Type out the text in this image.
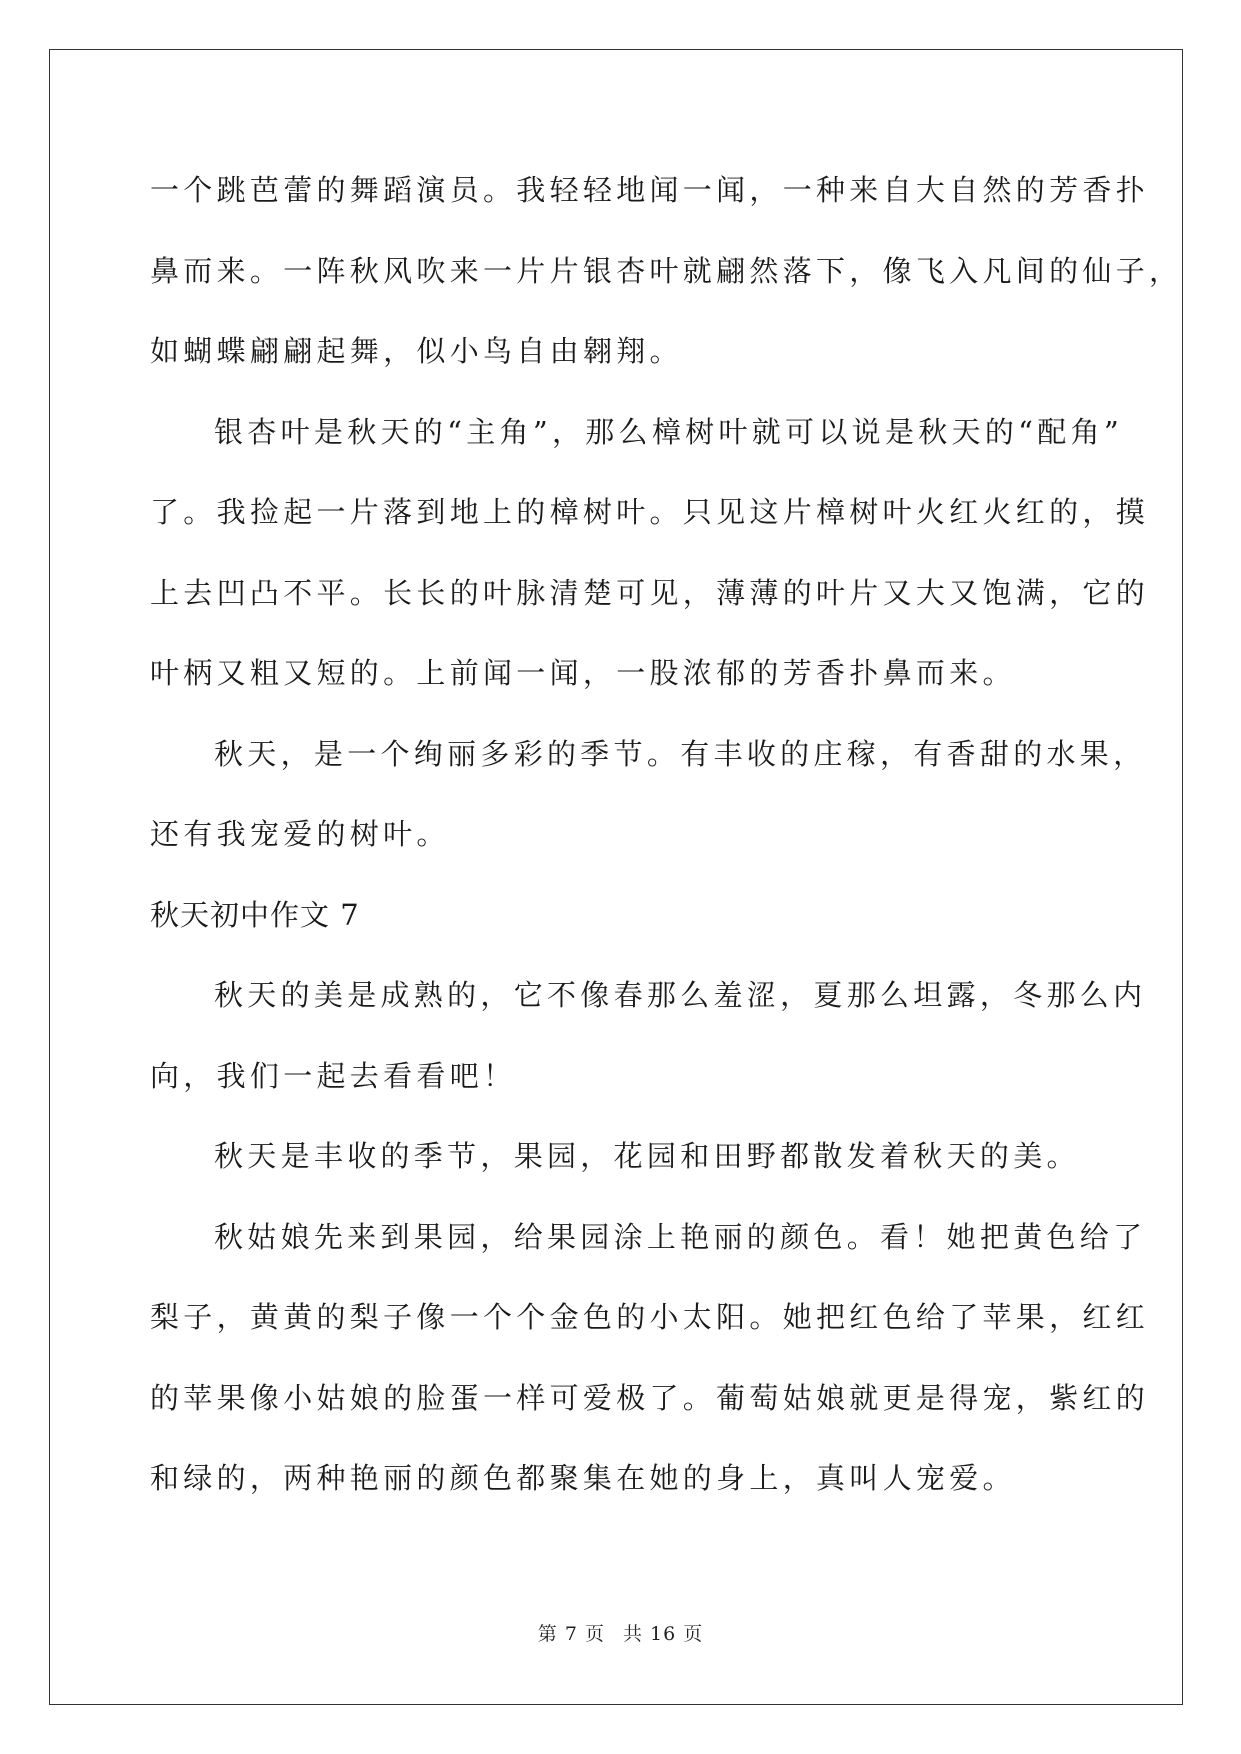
一个跳芭蕾的舞蹈演员。我轻轻地闻一闻，一种来自大自然的芳香扑
鼻而来。一阵秋风吹来一片片银杏叶就翩然落下，像飞入凡间的仙子，
如蝴蝶翩翩起舞，似小鸟自由翱翔。

银杏叶是秋天的“主角”，那么樟树叶就可以说是秋天的“配角”
了。我捡起一片落到地上的樟树叶。只见这片樟树叶火红火红的，摸
上去凹凸不平。长长的叶脉清楚可见，薄薄的叶片又大又饱满，它的
叶柄又粗又短的。上前闻一闻，一股浓郁的芳香扑鼻而来。

秋天，是一个绚丽多彩的季节。有丰收的庄稼，有香甜的水果，
还有我宠爱的树叶。

秋天初中作文 7

秋天的美是成熟的，它不像春那么羞涩，夏那么坦露，冬那么内
向，我们一起去看看吧！

秋天是丰收的季节，果园，花园和田野都散发着秋天的美。

秋姑娘先来到果园，给果园涂上艳丽的颜色。看！她把黄色给了
梨子，黄黄的梨子像一个个金色的小太阳。她把红色给了苹果，红红
的苹果像小姑娘的脸蛋一样可爱极了。葡萄姑娘就更是得宠，紫红的
和绿的，两种艳丽的颜色都聚集在她的身上，真叫人宠爱。

第 7 页 共 16 页
